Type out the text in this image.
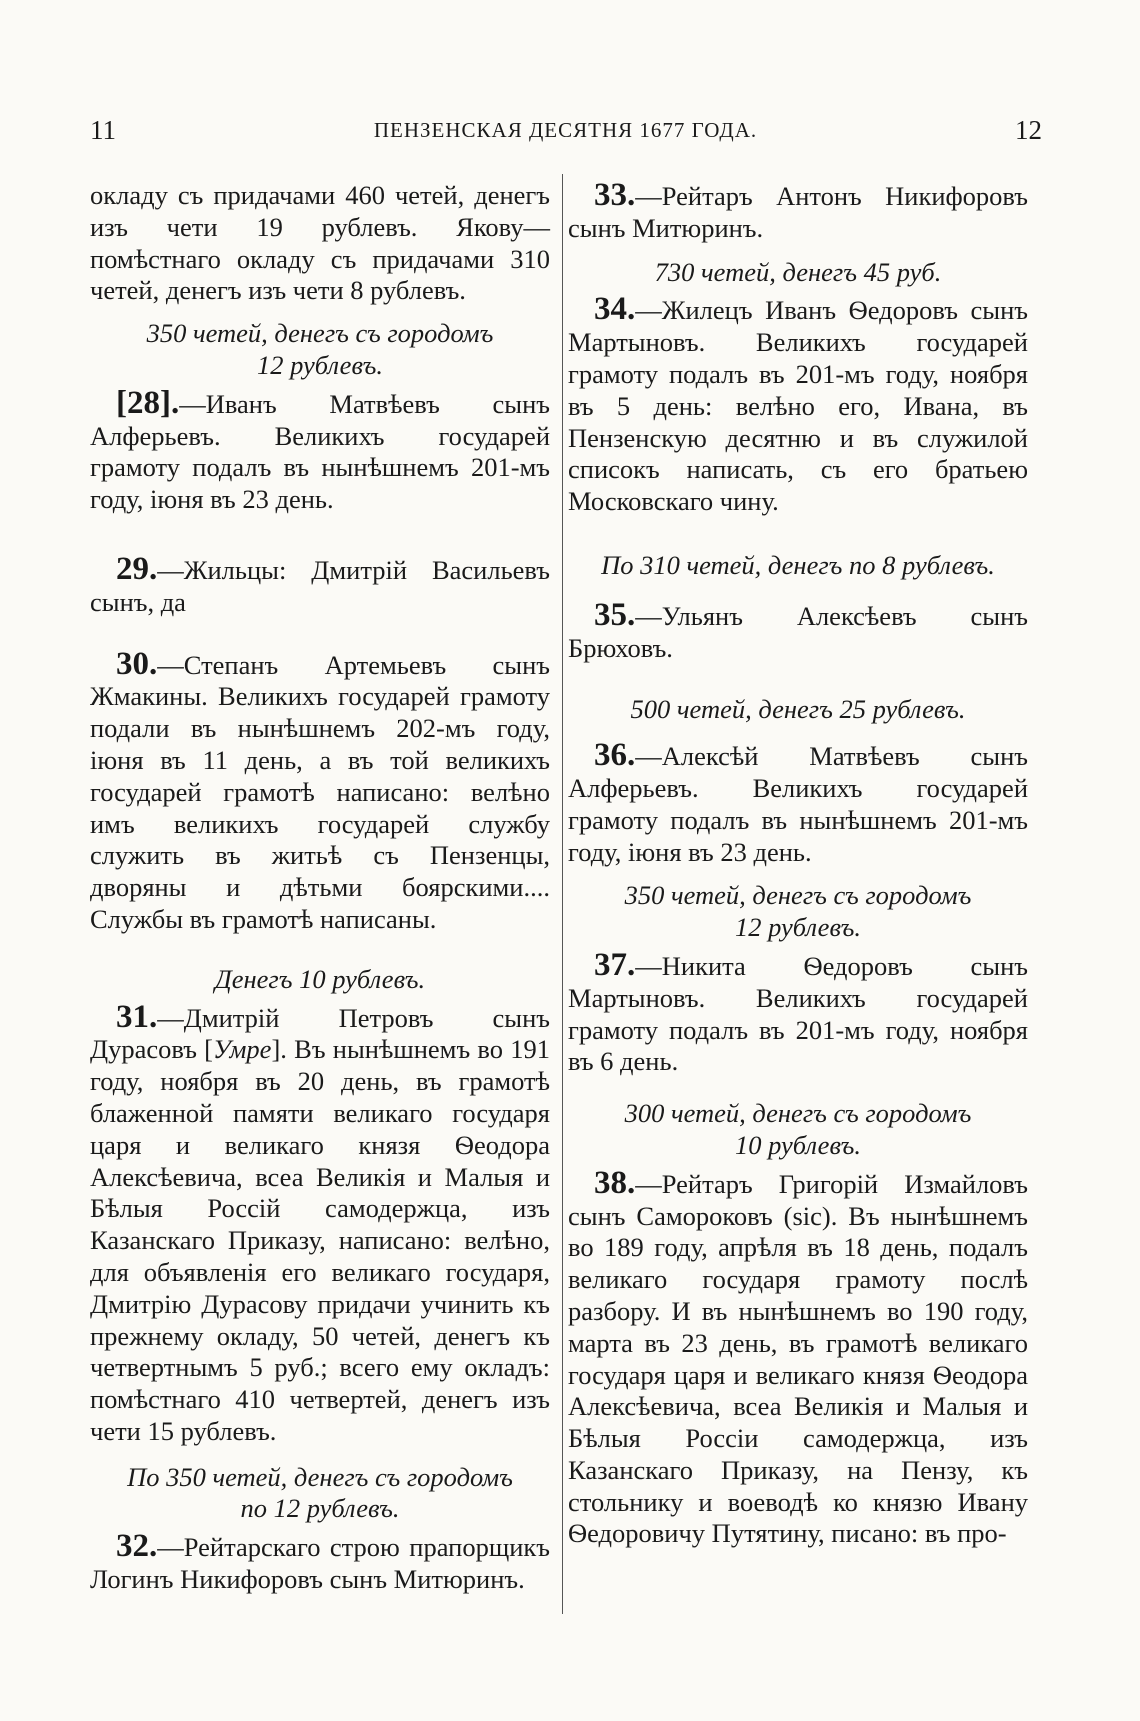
11	ПЕНЗЕНСКАЯ ДЕСЯТНЯ 1677 ГОДА.	12

окладу съ придачами 460 четей, денегъ изъ чети 19 рублевъ. Якову—помѣстнаго окладу съ придачами 310 четей, денегъ изъ чети 8 рублевъ.

350 четей, денегъ съ городомъ
12 рублевъ.

[28].—Иванъ Матвѣевъ сынъ Алферьевъ. Великихъ государей грамоту подалъ въ нынѣшнемъ 201-мъ году, іюня въ 23 день.

29.—Жильцы: Дмитрій Васильевъ сынъ, да

30.—Степанъ Артемьевъ сынъ Жмакины. Великихъ государей грамоту подали въ нынѣшнемъ 202-мъ году, іюня въ 11 день, а въ той великихъ государей грамотѣ написано: велѣно имъ великихъ государей службу служить въ житьѣ съ Пензенцы, дворяны и дѣтьми боярскими.... Службы въ грамотѣ написаны.

Денегъ 10 рублевъ.

31.—Дмитрій Петровъ сынъ Дурасовъ [Умре]. Въ нынѣшнемъ во 191 году, ноября въ 20 день, въ грамотѣ блаженной памяти великаго государя царя и великаго князя Ѳеодора Алексѣевича, всеа Великія и Малыя и Бѣлыя Россій самодержца, изъ Казанскаго Приказу, написано: велѣно, для объявленія его великаго государя, Дмитрію Дурасову придачи учинить къ прежнему окладу, 50 четей, денегъ къ четвертнымъ 5 руб.; всего ему окладъ: помѣстнаго 410 четвертей, денегъ изъ чети 15 рублевъ.

По 350 четей, денегъ съ городомъ
по 12 рублевъ.

32.—Рейтарскаго строю прапорщикъ Логинъ Никифоровъ сынъ Митюринъ.

33.—Рейтаръ Антонъ Никифоровъ сынъ Митюринъ.

730 четей, денегъ 45 руб.

34.—Жилецъ Иванъ Ѳедоровъ сынъ Мартыновъ. Великихъ государей грамоту подалъ въ 201-мъ году, ноября въ 5 день: велѣно его, Ивана, въ Пензенскую десятню и въ служилой списокъ написать, съ его братьею Московскаго чину.

По 310 четей, денегъ по 8 рублевъ.

35.—Ульянъ Алексѣевъ сынъ Брюховъ.

500 четей, денегъ 25 рублевъ.

36.—Алексѣй Матвѣевъ сынъ Алферьевъ. Великихъ государей грамоту подалъ въ нынѣшнемъ 201-мъ году, іюня въ 23 день.

350 четей, денегъ съ городомъ
12 рублевъ.

37.—Никита Ѳедоровъ сынъ Мартыновъ. Великихъ государей грамоту подалъ въ 201-мъ году, ноября въ 6 день.

300 четей, денегъ съ городомъ
10 рублевъ.

38.—Рейтаръ Григорій Измайловъ сынъ Самороковъ (sic). Въ нынѣшнемъ во 189 году, апрѣля въ 18 день, подалъ великаго государя грамоту послѣ разбору. И въ нынѣшнемъ во 190 году, марта въ 23 день, въ грамотѣ великаго государя царя и великаго князя Ѳеодора Алексѣевича, всеа Великія и Малыя и Бѣлыя Россіи самодержца, изъ Казанскаго Приказу, на Пензу, къ стольнику и воеводѣ ко князю Ивану Ѳедоровичу Путятину, писано: въ про-
